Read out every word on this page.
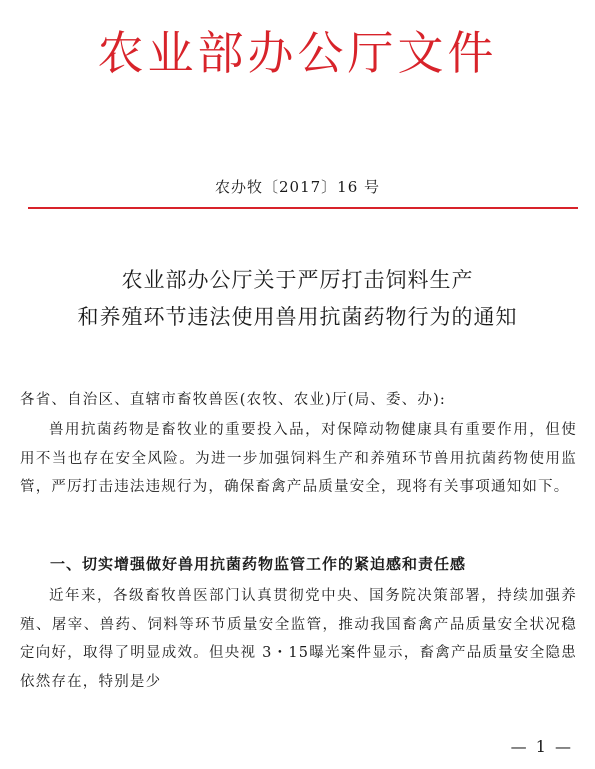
农业部办公厅文件
农办牧〔2017〕16 号
农业部办公厅关于严厉打击饲料生产
和养殖环节违法使用兽用抗菌药物行为的通知
各省、自治区、直辖市畜牧兽医(农牧、农业)厅(局、委、办):
兽用抗菌药物是畜牧业的重要投入品，对保障动物健康具有重要作用，但使用不当也存在安全风险。为进一步加强饲料生产和养殖环节兽用抗菌药物使用监管，严厉打击违法违规行为，确保畜禽产品质量安全，现将有关事项通知如下。
一、切实增强做好兽用抗菌药物监管工作的紧迫感和责任感
近年来，各级畜牧兽医部门认真贯彻党中央、国务院决策部署，持续加强养殖、屠宰、兽药、饲料等环节质量安全监管，推动我国畜禽产品质量安全状况稳定向好，取得了明显成效。但央视 3・15曝光案件显示，畜禽产品质量安全隐患依然存在，特别是少
— 1 —
